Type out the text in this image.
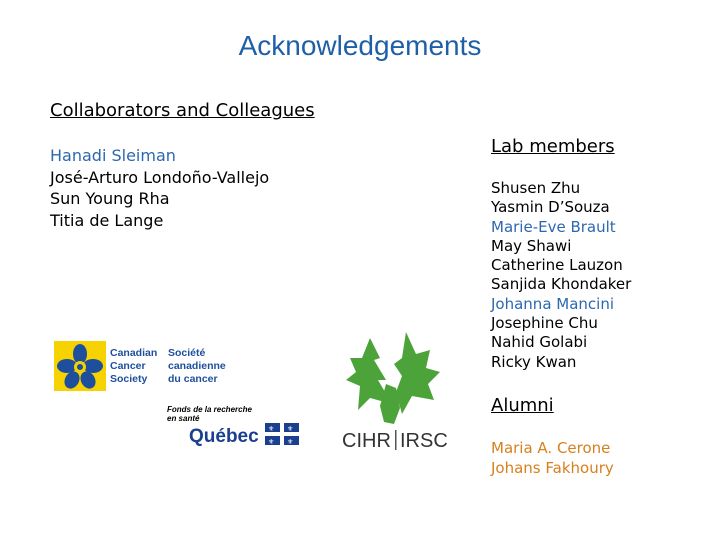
Acknowledgements
Collaborators and Colleagues
Hanadi Sleiman
José-Arturo Londoño-Vallejo
Sun Young Rha
Titia de Lange
Lab members
Shusen Zhu
Yasmin D’Souza
Marie-Eve Brault
May Shawi
Catherine Lauzon
Sanjida Khondaker
Johanna Mancini
Josephine Chu
Nahid Golabi
Ricky Kwan
Alumni
Maria A. Cerone
Johans Fakhoury
Canadian
Cancer
Society
Société
canadienne
du cancer
Fonds de la recherche
en santé
Québec ⚜ ⚜
⚜ ⚜ CIHR IRSC
